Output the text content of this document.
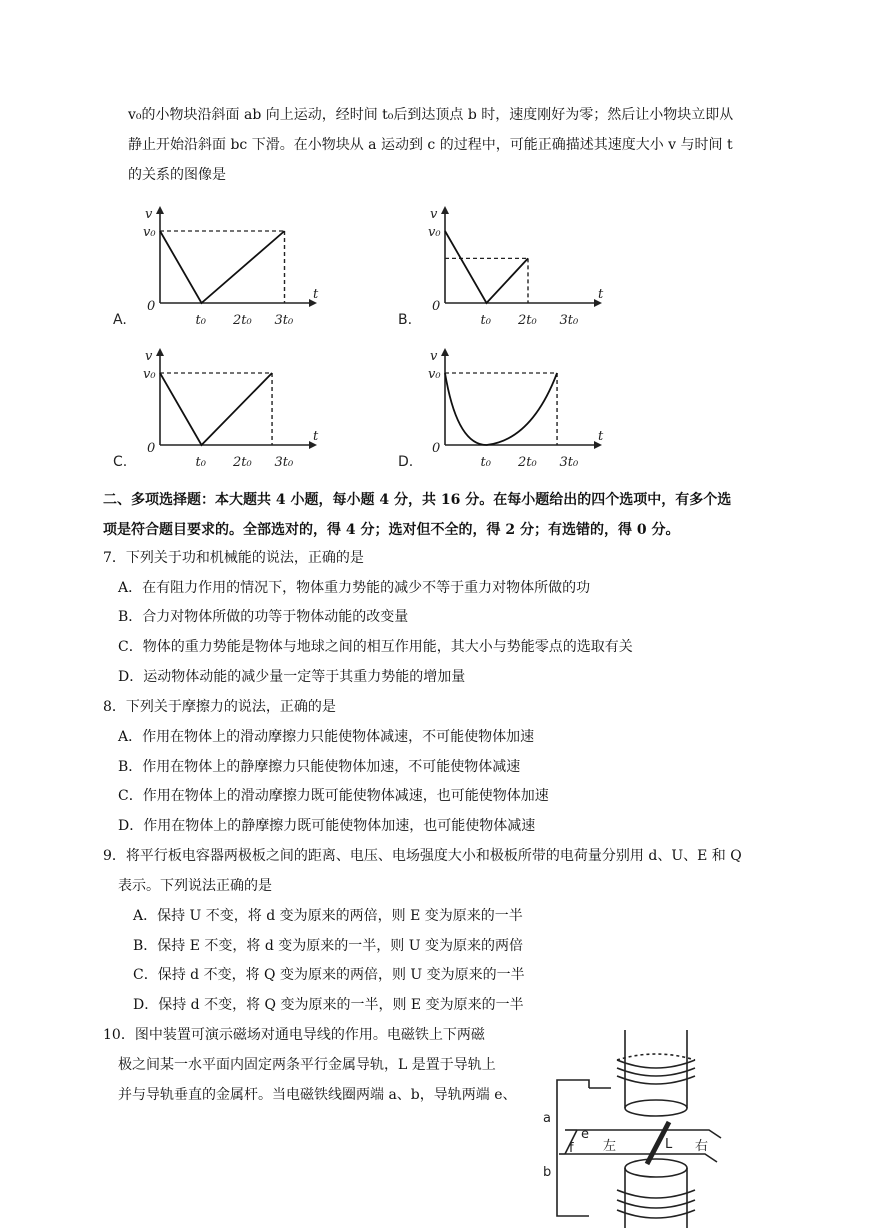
v₀的小物块沿斜面 ab 向上运动，经时间 t₀后到达顶点 b 时，速度刚好为零；然后让小物块立即从
静止开始沿斜面 bc 下滑。在小物块从 a 运动到 c 的过程中，可能正确描述其速度大小 v 与时间 t
的关系的图像是
v
v₀
0
t
t₀ 2t₀ 3t₀
A.
v
v₀
0
t
t₀ 2t₀ 3t₀
B.
v
v₀
0
t
t₀ 2t₀ 3t₀
C.
v
v₀
0
t
t₀ 2t₀ 3t₀
D.
二、多项选择题：本大题共 4 小题，每小题 4 分，共 16 分。在每小题给出的四个选项中，有多个选
项是符合题目要求的。全部选对的，得 4 分；选对但不全的，得 2 分；有选错的，得 0 分。
7．下列关于功和机械能的说法，正确的是
A．在有阻力作用的情况下，物体重力势能的减少不等于重力对物体所做的功
B．合力对物体所做的功等于物体动能的改变量
C．物体的重力势能是物体与地球之间的相互作用能，其大小与势能零点的选取有关
D．运动物体动能的减少量一定等于其重力势能的增加量
8．下列关于摩擦力的说法，正确的是
A．作用在物体上的滑动摩擦力只能使物体减速，不可能使物体加速
B．作用在物体上的静摩擦力只能使物体加速，不可能使物体减速
C．作用在物体上的滑动摩擦力既可能使物体减速，也可能使物体加速
D．作用在物体上的静摩擦力既可能使物体加速，也可能使物体减速
9．将平行板电容器两极板之间的距离、电压、电场强度大小和极板所带的电荷量分别用 d、U、E 和 Q
表示。下列说法正确的是
A．保持 U 不变，将 d 变为原来的两倍，则 E 变为原来的一半
B．保持 E 不变，将 d 变为原来的一半，则 U 变为原来的两倍
C．保持 d 不变，将 Q 变为原来的两倍，则 U 变为原来的一半
D．保持 d 不变，将 Q 变为原来的一半，则 E 变为原来的一半
10．图中装置可演示磁场对通电导线的作用。电磁铁上下两磁
极之间某一水平面内固定两条平行金属导轨，L 是置于导轨上
并与导轨垂直的金属杆。当电磁铁线圈两端 a、b，导轨两端 e、
a
b
e
f 左	L 右
